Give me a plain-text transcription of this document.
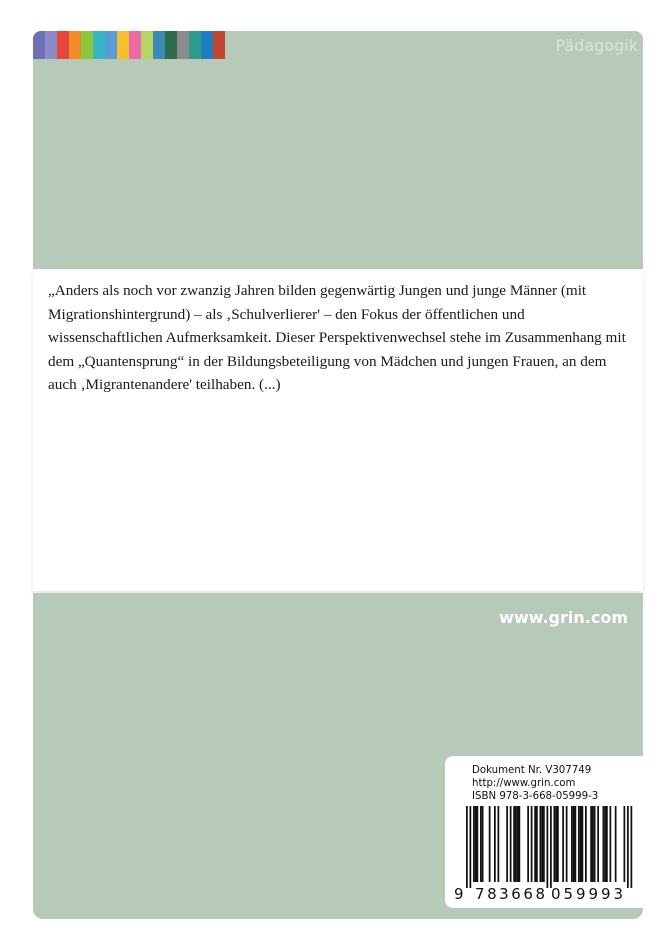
Pädagogik

„Anders als noch vor zwanzig Jahren bilden gegenwärtig Jungen und junge Männer (mit Migrationshintergrund) – als ‚Schulverlierer' – den Fokus der öffentlichen und wissenschaftlichen Aufmerksamkeit. Dieser Perspektivenwechsel stehe im Zusammenhang mit dem „Quantensprung“ in der Bildungsbeteiligung von Mädchen und jungen Frauen, an dem auch ‚Migrantenandere' teilhaben. (...)

www.grin.com

Dokument Nr. V307749
http://www.grin.com
ISBN 978-3-668-05999-3

9 783668 059993
